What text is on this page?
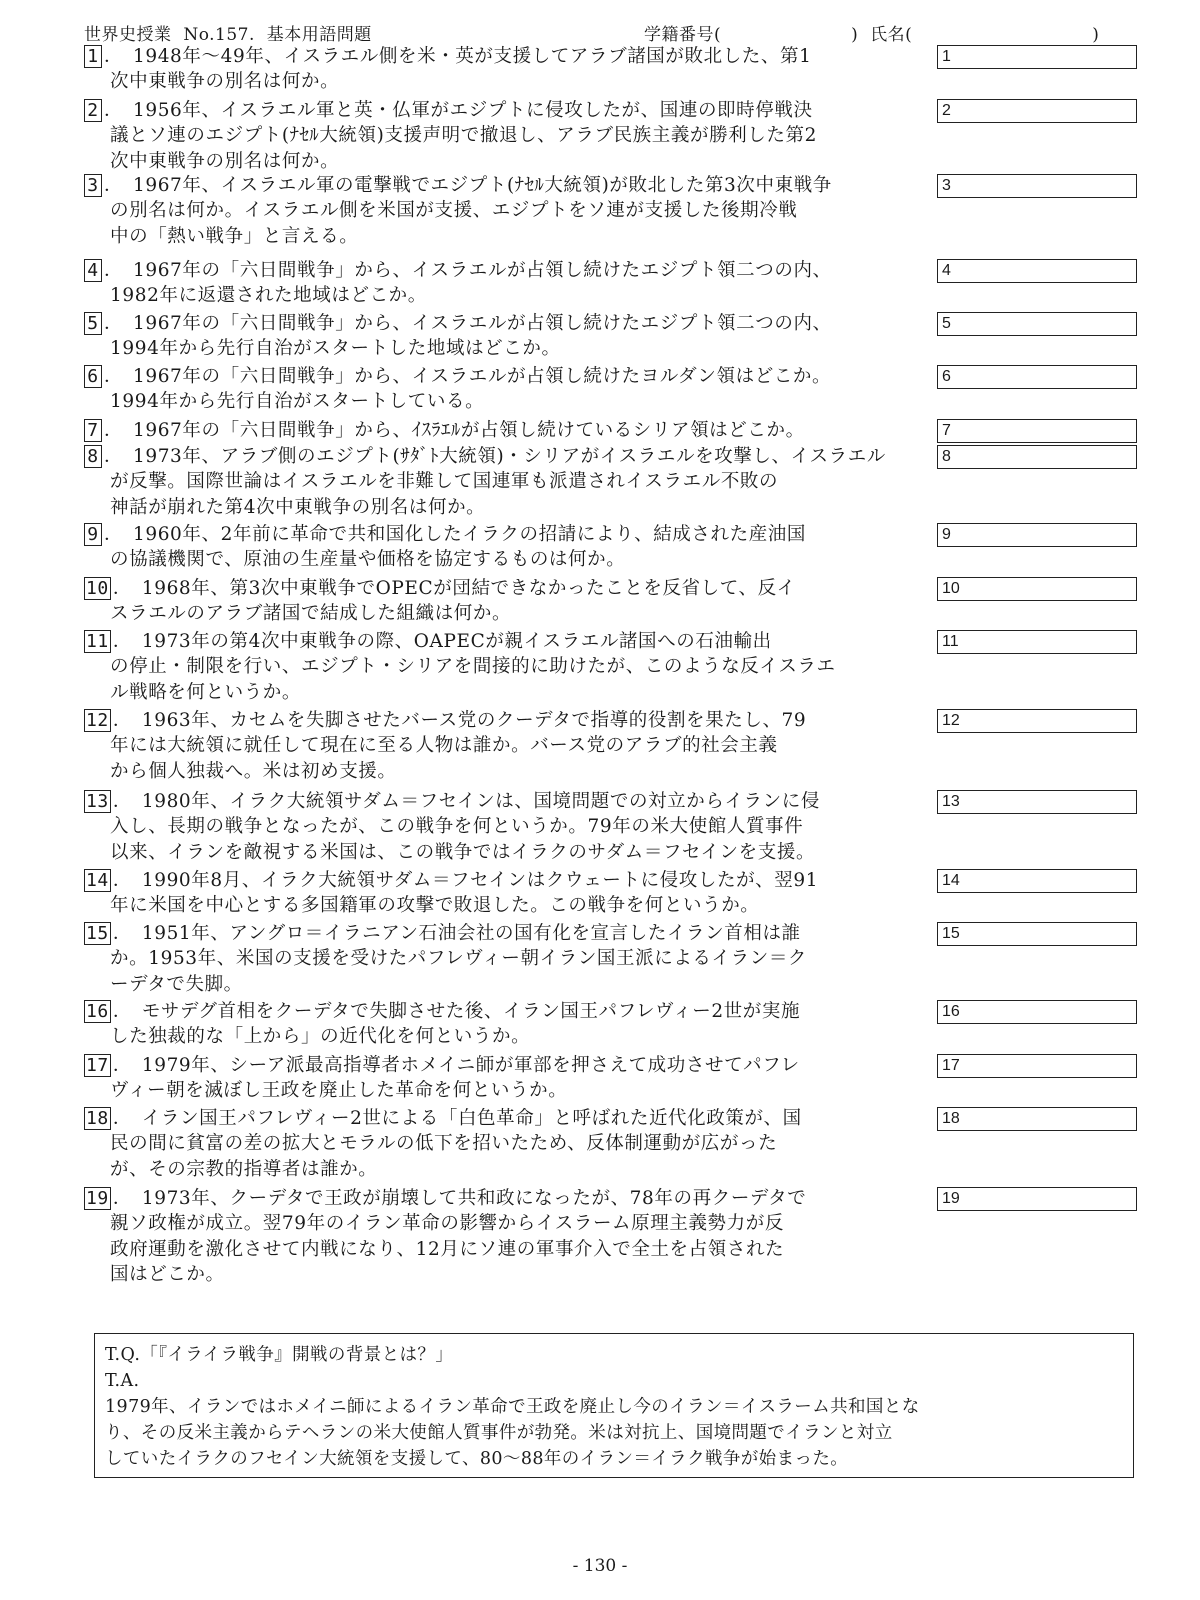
世界史授業 No.157. 基本用語問題	学籍番号(	) 氏名(	)
1 ．　1948年～49年、イスラエル側を米・英が支援してアラブ諸国が敗北した、第1
次中東戦争の別名は何か。
1
2 ．　1956年、イスラエル軍と英・仏軍がエジプトに侵攻したが、国連の即時停戦決
議とソ連のエジプト(ﾅｾﾙ大統領)支援声明で撤退し、アラブ民族主義が勝利した第2
次中東戦争の別名は何か。
2
3 ．　1967年、イスラエル軍の電撃戦でエジプト(ﾅｾﾙ大統領)が敗北した第3次中東戦争
の別名は何か。イスラエル側を米国が支援、エジプトをソ連が支援した後期冷戦
中の「熱い戦争」と言える。
3
4 ．　1967年の「六日間戦争」から、イスラエルが占領し続けたエジプト領二つの内、
1982年に返還された地域はどこか。
4
5 ．　1967年の「六日間戦争」から、イスラエルが占領し続けたエジプト領二つの内、
1994年から先行自治がスタートした地域はどこか。
5
6 ．　1967年の「六日間戦争」から、イスラエルが占領し続けたヨルダン領はどこか。
1994年から先行自治がスタートしている。
6
7 ．　1967年の「六日間戦争」から、ｲｽﾗｴﾙが占領し続けているシリア領はどこか。	7
8 ．　1973年、アラブ側のエジプト(ｻﾀﾞﾄ大統領)・シリアがイスラエルを攻撃し、イスラエル
が反撃。国際世論はイスラエルを非難して国連軍も派遣されイスラエル不敗の
神話が崩れた第4次中東戦争の別名は何か。
8
9 ．　1960年、2年前に革命で共和国化したイラクの招請により、結成された産油国
の協議機関で、原油の生産量や価格を協定するものは何か。
9
10 ．　1968年、第3次中東戦争でOPECが団結できなかったことを反省して、反イ
スラエルのアラブ諸国で結成した組織は何か。
10
11 ．　1973年の第4次中東戦争の際、OAPECが親イスラエル諸国への石油輸出
の停止・制限を行い、エジプト・シリアを間接的に助けたが、このような反イスラエ
ル戦略を何というか。
11
12 ．　1963年、カセムを失脚させたバース党のクーデタで指導的役割を果たし、79
年には大統領に就任して現在に至る人物は誰か。バース党のアラブ的社会主義
から個人独裁へ。米は初め支援。
12
13 ．　1980年、イラク大統領サダム＝フセインは、国境問題での対立からイランに侵
入し、長期の戦争となったが、この戦争を何というか。79年の米大使館人質事件
以来、イランを敵視する米国は、この戦争ではイラクのサダム＝フセインを支援。
13
14 ．　1990年8月、イラク大統領サダム＝フセインはクウェートに侵攻したが、翌91
年に米国を中心とする多国籍軍の攻撃で敗退した。この戦争を何というか。
14
15 ．　1951年、アングロ＝イラニアン石油会社の国有化を宣言したイラン首相は誰
か。1953年、米国の支援を受けたパフレヴィー朝イラン国王派によるイラン＝ク
ーデタで失脚。
15
16 ．　モサデグ首相をクーデタで失脚させた後、イラン国王パフレヴィー2世が実施
した独裁的な「上から」の近代化を何というか。
16
17 ．　1979年、シーア派最高指導者ホメイニ師が軍部を押さえて成功させてパフレ
ヴィー朝を滅ぼし王政を廃止した革命を何というか。
17
18 ．　イラン国王パフレヴィー2世による「白色革命」と呼ばれた近代化政策が、国
民の間に貧富の差の拡大とモラルの低下を招いたため、反体制運動が広がった
が、その宗教的指導者は誰か。
18
19 ．　1973年、クーデタで王政が崩壊して共和政になったが、78年の再クーデタで
親ソ政権が成立。翌79年のイラン革命の影響からイスラーム原理主義勢力が反
政府運動を激化させて内戦になり、12月にソ連の軍事介入で全土を占領された
国はどこか。
19
T.Q.「『イライラ戦争』開戦の背景とは？」
T.A.
1979年、イランではホメイニ師によるイラン革命で王政を廃止し今のイラン＝イスラーム共和国とな
り、その反米主義からテヘランの米大使館人質事件が勃発。米は対抗上、国境問題でイランと対立
していたイラクのフセイン大統領を支援して、80～88年のイラン＝イラク戦争が始まった。
- 130 -
